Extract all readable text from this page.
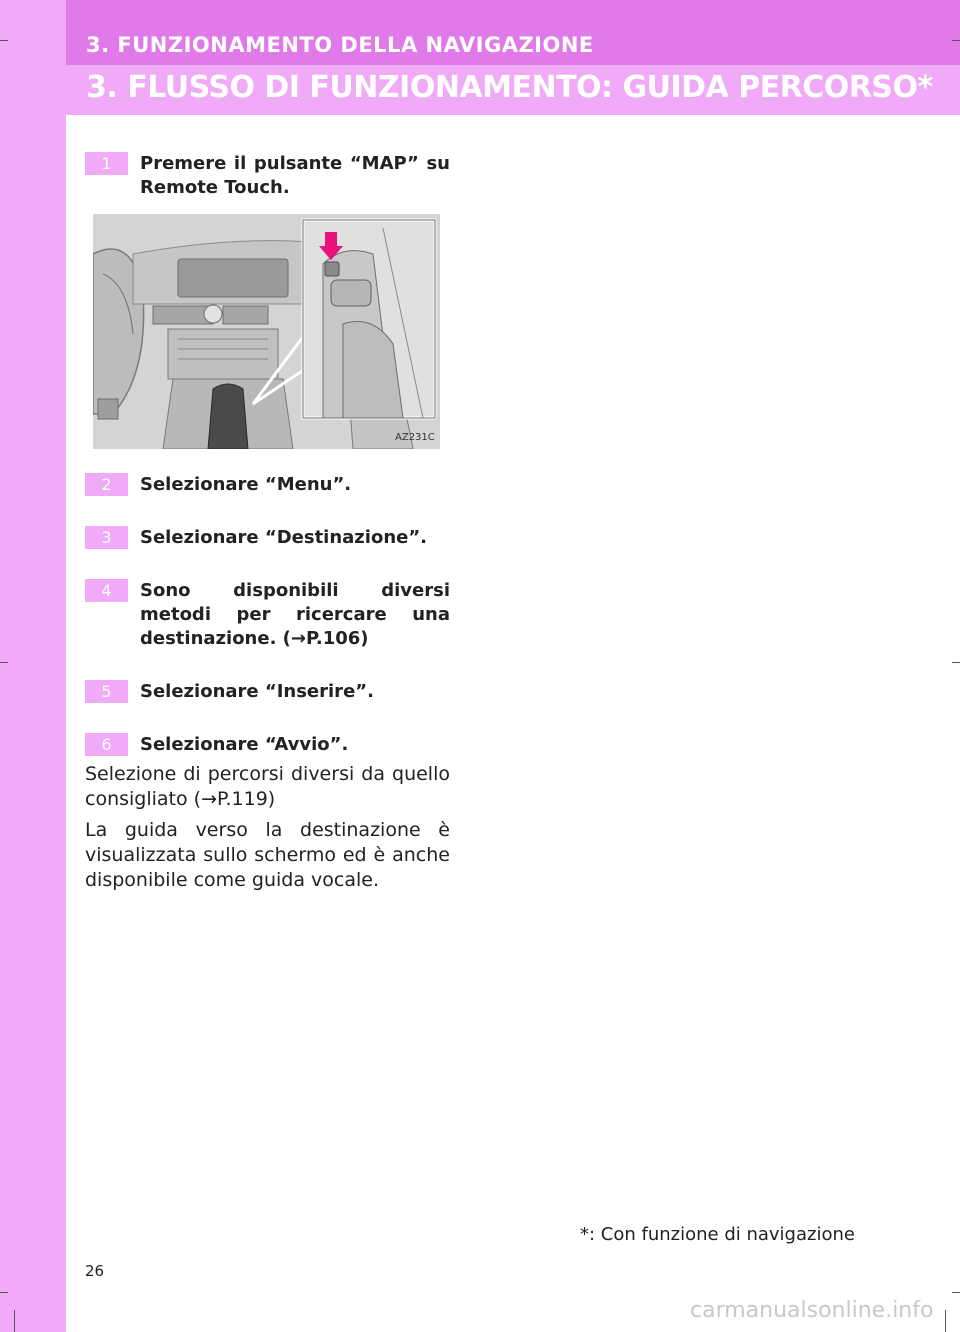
3. FUNZIONAMENTO DELLA NAVIGAZIONE
3. FLUSSO DI FUNZIONAMENTO: GUIDA PERCORSO*
1	Premere il pulsante “MAP” su Remote Touch.
AZ231C
2	Selezionare “Menu”.
3	Selezionare “Destinazione”.
4	Sono disponibili diversi metodi per ricercare una destinazione. (→P.106)
5	Selezionare “Inserire”.
6	Selezionare “Avvio”.
Selezione di percorsi diversi da quello consigliato (→P.119)
La guida verso la destinazione è visualizzata sullo schermo ed è anche disponibile come guida vocale.
*: Con funzione di navigazione
26
carmanualsonline.info
